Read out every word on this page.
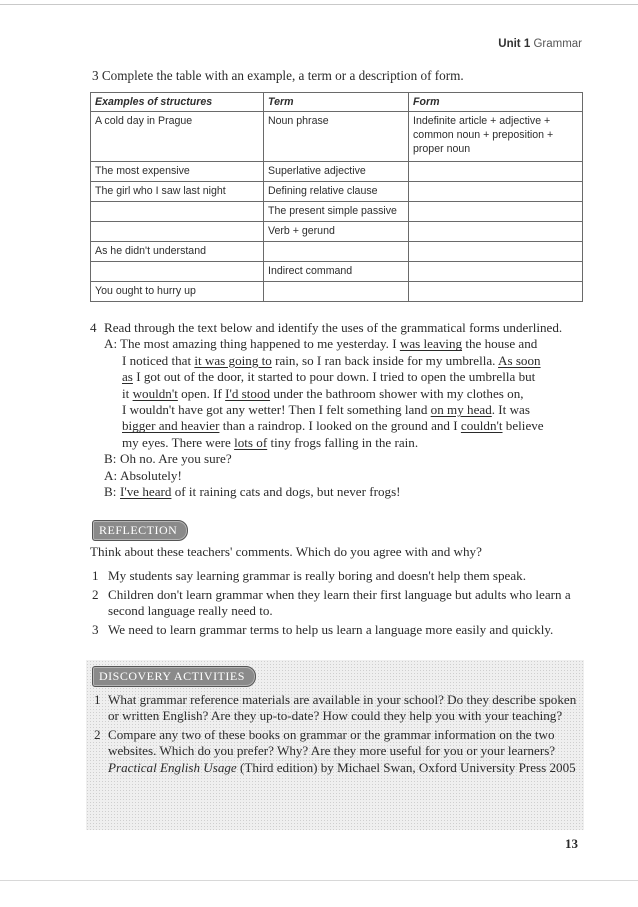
Unit 1 Grammar
3 Complete the table with an example, a term or a description of form.
Examples of structures	Term	Form
A cold day in Prague	Noun phrase	Indefinite article + adjective + common noun + preposition + proper noun
The most expensive	Superlative adjective	
The girl who I saw last night	Defining relative clause	
	The present simple passive	
	Verb + gerund	
As he didn't understand		
	Indirect command	
You ought to hurry up		
4 Read through the text below and identify the uses of the grammatical forms underlined.
A: The most amazing thing happened to me yesterday. I was leaving the house and
I noticed that it was going to rain, so I ran back inside for my umbrella. As soon
as I got out of the door, it started to pour down. I tried to open the umbrella but
it wouldn't open. If I'd stood under the bathroom shower with my clothes on,
I wouldn't have got any wetter! Then I felt something land on my head. It was
bigger and heavier than a raindrop. I looked on the ground and I couldn't believe
my eyes. There were lots of tiny frogs falling in the rain.
B: Oh no. Are you sure?
A: Absolutely!
B: I've heard of it raining cats and dogs, but never frogs!
REFLECTION
Think about these teachers' comments. Which do you agree with and why?
1 My students say learning grammar is really boring and doesn't help them speak.
2 Children don't learn grammar when they learn their first language but adults who learn a second language really need to.
3 We need to learn grammar terms to help us learn a language more easily and quickly.
DISCOVERY ACTIVITIES
1 What grammar reference materials are available in your school? Do they describe spoken or written English? Are they up-to-date? How could they help you with your teaching?
2 Compare any two of these books on grammar or the grammar information on the two websites. Which do you prefer? Why? Are they more useful for you or your learners?
Practical English Usage (Third edition) by Michael Swan, Oxford University Press 2005
13
